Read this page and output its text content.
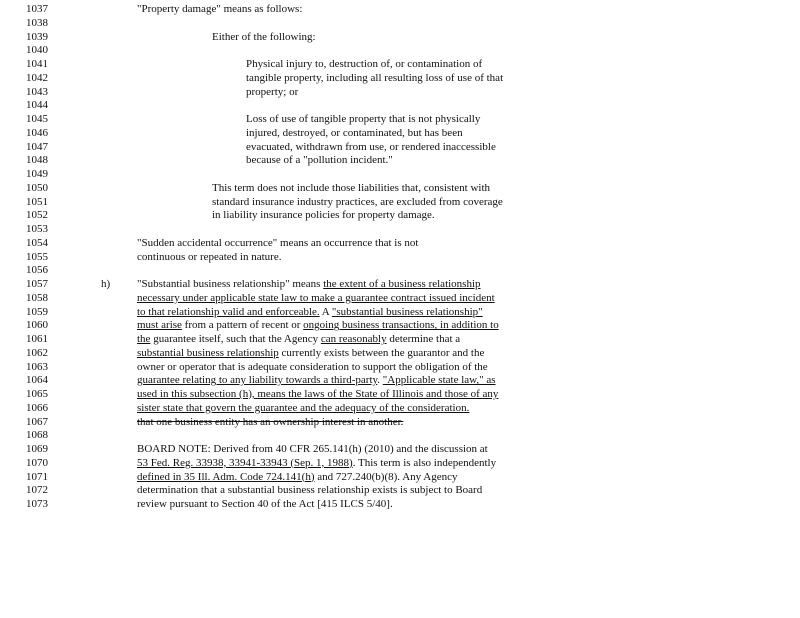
1037	"Property damage" means as follows:
1038
1039	Either of the following:
1040
1041	Physical injury to, destruction of, or contamination of
1042	tangible property, including all resulting loss of use of that
1043	property; or
1044
1045	Loss of use of tangible property that is not physically
1046	injured, destroyed, or contaminated, but has been
1047	evacuated, withdrawn from use, or rendered inaccessible
1048	because of a "pollution incident."
1049
1050	This term does not include those liabilities that, consistent with
1051	standard insurance industry practices, are excluded from coverage
1052	in liability insurance policies for property damage.
1053
1054	"Sudden accidental occurrence" means an occurrence that is not
1055	continuous or repeated in nature.
1056
1057	h) "Substantial business relationship" means the extent of a business relationship
1058	necessary under applicable state law to make a guarantee contract issued incident
1059	to that relationship valid and enforceable. A "substantial business relationship"
1060	must arise from a pattern of recent or ongoing business transactions, in addition to
1061	the guarantee itself, such that the Agency can reasonably determine that a
1062	substantial business relationship currently exists between the guarantor and the
1063	owner or operator that is adequate consideration to support the obligation of the
1064	guarantee relating to any liability towards a third-party. "Applicable state law," as
1065	used in this subsection (h), means the laws of the State of Illinois and those of any
1066	sister state that govern the guarantee and the adequacy of the consideration.
1067	that one business entity has an ownership interest in another.
1068
1069	BOARD NOTE: Derived from 40 CFR 265.141(h) (2010) and the discussion at
1070	53 Fed. Reg. 33938, 33941-33943 (Sep. 1, 1988). This term is also independently
1071	defined in 35 Ill. Adm. Code 724.141(h) and 727.240(b)(8). Any Agency
1072	determination that a substantial business relationship exists is subject to Board
1073	review pursuant to Section 40 of the Act [415 ILCS 5/40].
